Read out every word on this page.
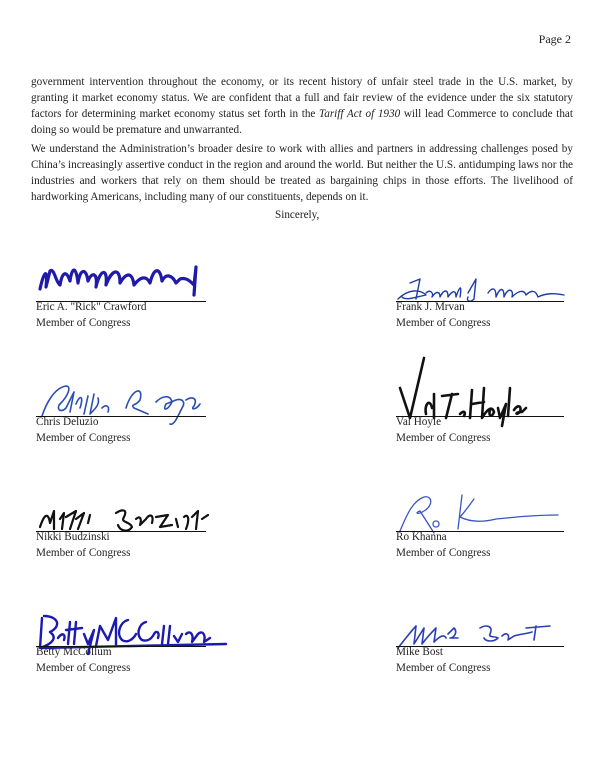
Page 2

government intervention throughout the economy, or its recent history of unfair steel trade in the U.S. market, by granting it market economy status. We are confident that a full and fair review of the evidence under the six statutory factors for determining market economy status set forth in the Tariff Act of 1930 will lead Commerce to conclude that doing so would be premature and unwarranted.

We understand the Administration’s broader desire to work with allies and partners in addressing challenges posed by China’s increasingly assertive conduct in the region and around the world. But neither the U.S. antidumping laws nor the industries and workers that rely on them should be treated as bargaining chips in those efforts. The livelihood of hardworking Americans, including many of our constituents, depends on it.

Sincerely,
Eric A. "Rick" Crawford
Member of Congress
Frank J. Mrvan
Member of Congress
Chris Deluzio
Member of Congress
Val Hoyle
Member of Congress
Nikki Budzinski
Member of Congress
Ro Khanna
Member of Congress
Betty McCollum
Member of Congress
Mike Bost
Member of Congress
